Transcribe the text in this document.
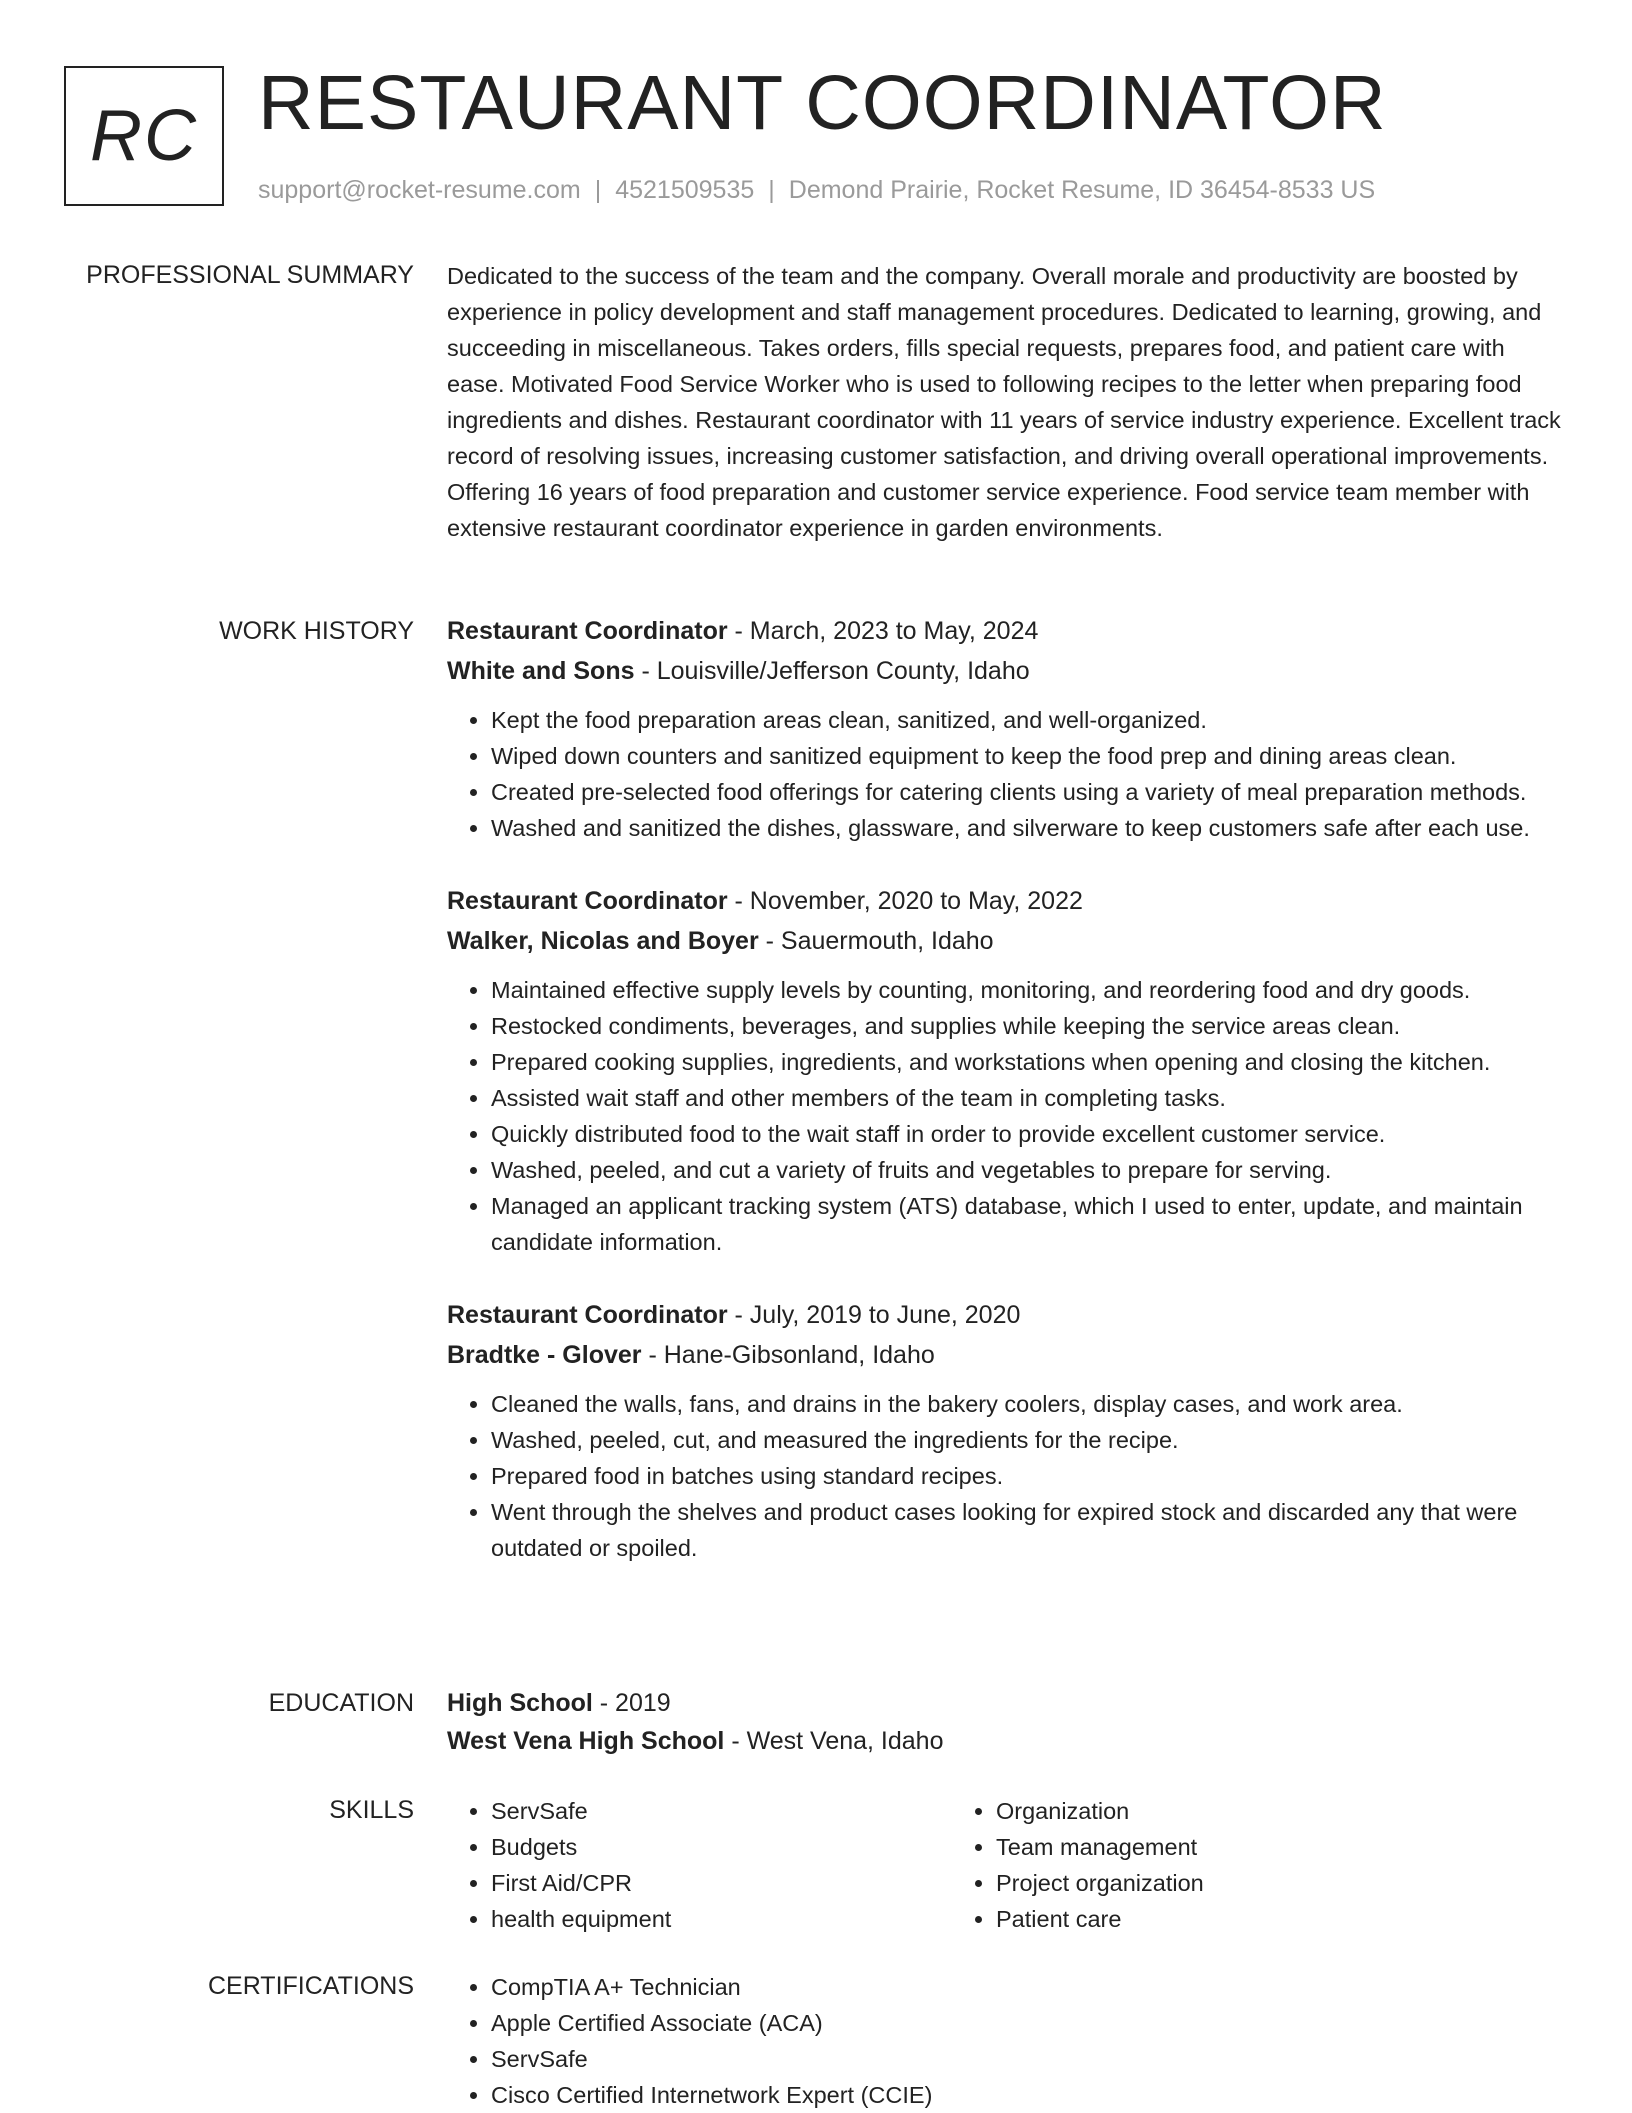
RC RESTAURANT COORDINATOR
support@rocket-resume.com | 4521509535 | Demond Prairie, Rocket Resume, ID 36454-8533 US
PROFESSIONAL SUMMARY Dedicated to the success of the team and the company. Overall morale and productivity are boosted by experience in policy development and staff management procedures. Dedicated to learning, growing, and succeeding in miscellaneous. Takes orders, fills special requests, prepares food, and patient care with ease. Motivated Food Service Worker who is used to following recipes to the letter when preparing food ingredients and dishes. Restaurant coordinator with 11 years of service industry experience. Excellent track record of resolving issues, increasing customer satisfaction, and driving overall operational improvements. Offering 16 years of food preparation and customer service experience. Food service team member with extensive restaurant coordinator experience in garden environments.

WORK HISTORY Restaurant Coordinator - March, 2023 to May, 2024

White and Sons - Louisville/Jefferson County, Idaho

• Kept the food preparation areas clean, sanitized, and well-organized.
• Wiped down counters and sanitized equipment to keep the food prep and dining areas clean.
• Created pre-selected food offerings for catering clients using a variety of meal preparation methods.
• Washed and sanitized the dishes, glassware, and silverware to keep customers safe after each use.

Restaurant Coordinator - November, 2020 to May, 2022

Walker, Nicolas and Boyer - Sauermouth, Idaho

• Maintained effective supply levels by counting, monitoring, and reordering food and dry goods.
• Restocked condiments, beverages, and supplies while keeping the service areas clean.
• Prepared cooking supplies, ingredients, and workstations when opening and closing the kitchen.
• Assisted wait staff and other members of the team in completing tasks.
• Quickly distributed food to the wait staff in order to provide excellent customer service.
• Washed, peeled, and cut a variety of fruits and vegetables to prepare for serving.
• Managed an applicant tracking system (ATS) database, which I used to enter, update, and maintain candidate information.

Restaurant Coordinator - July, 2019 to June, 2020

Bradtke - Glover - Hane-Gibsonland, Idaho

• Cleaned the walls, fans, and drains in the bakery coolers, display cases, and work area.
• Washed, peeled, cut, and measured the ingredients for the recipe.
• Prepared food in batches using standard recipes.
• Went through the shelves and product cases looking for expired stock and discarded any that were outdated or spoiled.
EDUCATION High School - 2019

West Vena High School - West Vena, Idaho

SKILLS	• ServSafe
• Budgets
• First Aid/CPR
• health equipment
• Organization
• Team management
• Project organization
• Patient care
CERTIFICATIONS	• CompTIA A+ Technician
• Apple Certified Associate (ACA)
• ServSafe
• Cisco Certified Internetwork Expert (CCIE)
